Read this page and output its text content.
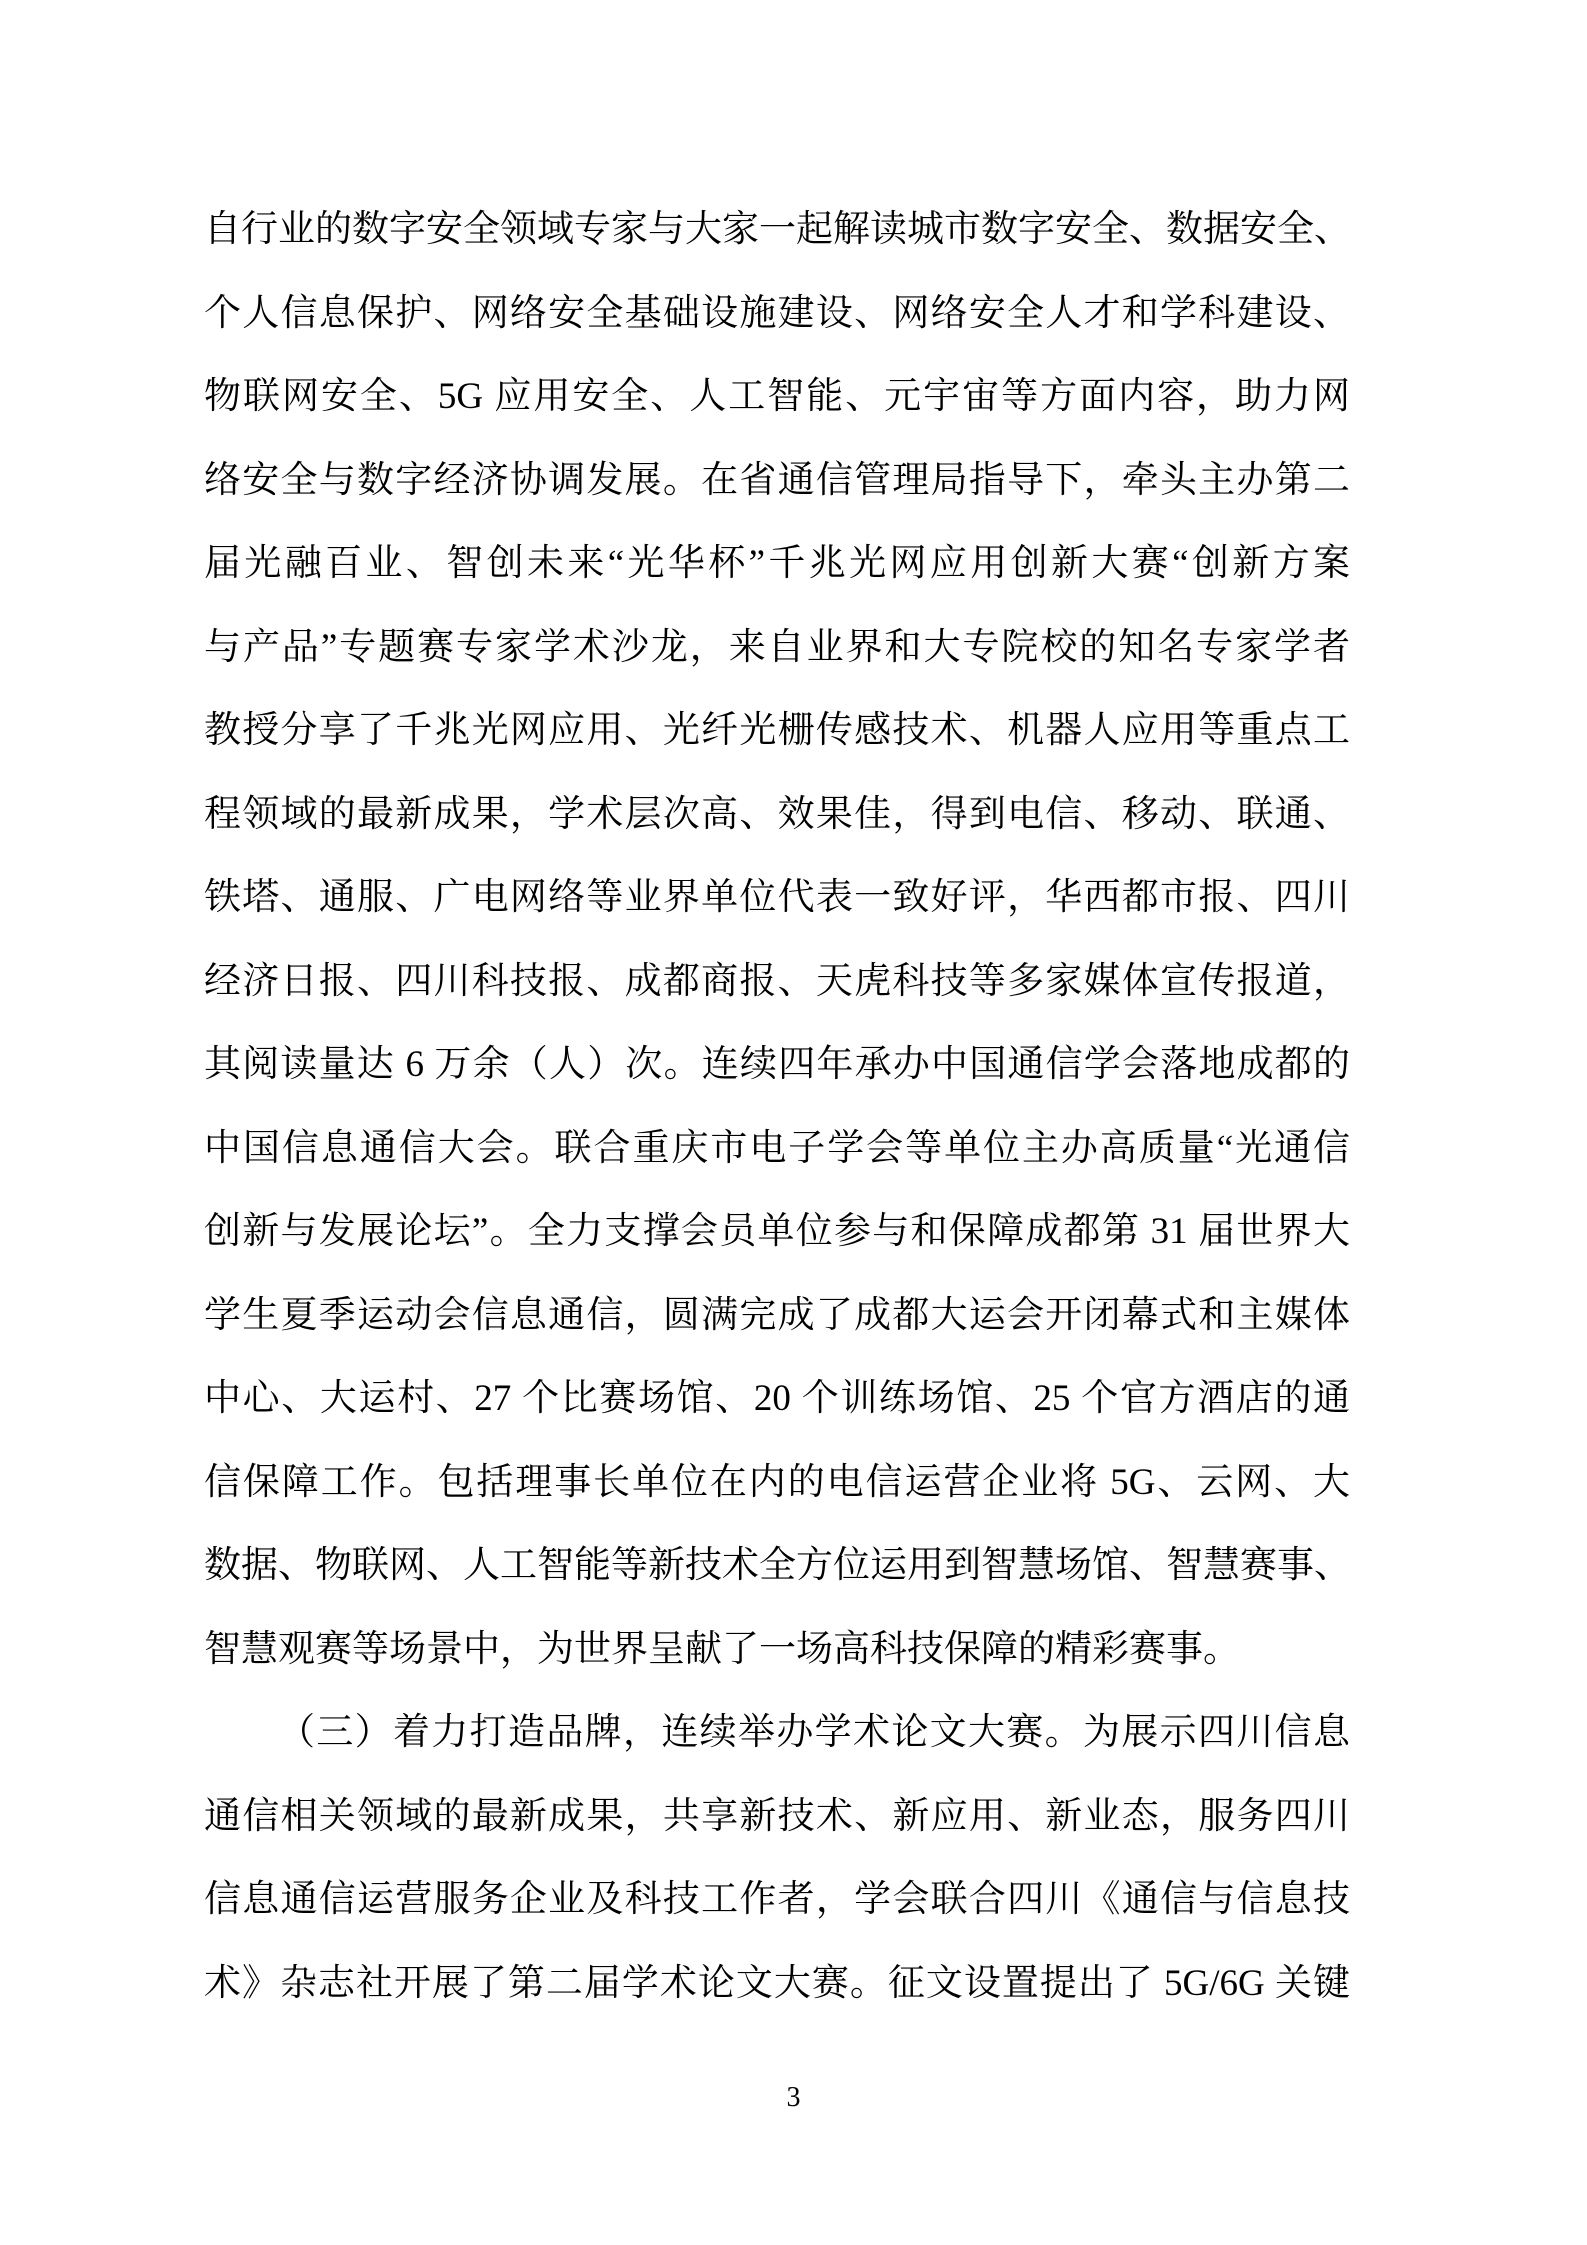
自行业的数字安全领域专家与大家一起解读城市数字安全、数据安全、
个人信息保护、网络安全基础设施建设、网络安全人才和学科建设、
物联网安全、5G 应用安全、人工智能、元宇宙等方面内容，助力网
络安全与数字经济协调发展。在省通信管理局指导下，牵头主办第二
届光融百业、智创未来“光华杯”千兆光网应用创新大赛“创新方案
与产品”专题赛专家学术沙龙，来自业界和大专院校的知名专家学者
教授分享了千兆光网应用、光纤光栅传感技术、机器人应用等重点工
程领域的最新成果，学术层次高、效果佳，得到电信、移动、联通、
铁塔、通服、广电网络等业界单位代表一致好评，华西都市报、四川
经济日报、四川科技报、成都商报、天虎科技等多家媒体宣传报道，
其阅读量达 6 万余（人）次。连续四年承办中国通信学会落地成都的
中国信息通信大会。联合重庆市电子学会等单位主办高质量“光通信
创新与发展论坛”。全力支撑会员单位参与和保障成都第 31 届世界大
学生夏季运动会信息通信，圆满完成了成都大运会开闭幕式和主媒体
中心、大运村、27 个比赛场馆、20 个训练场馆、25 个官方酒店的通
信保障工作。包括理事长单位在内的电信运营企业将 5G、云网、大
数据、物联网、人工智能等新技术全方位运用到智慧场馆、智慧赛事、
智慧观赛等场景中，为世界呈献了一场高科技保障的精彩赛事。
（三）着力打造品牌，连续举办学术论文大赛。为展示四川信息
通信相关领域的最新成果，共享新技术、新应用、新业态，服务四川
信息通信运营服务企业及科技工作者，学会联合四川《通信与信息技
术》杂志社开展了第二届学术论文大赛。征文设置提出了 5G/6G 关键
3
